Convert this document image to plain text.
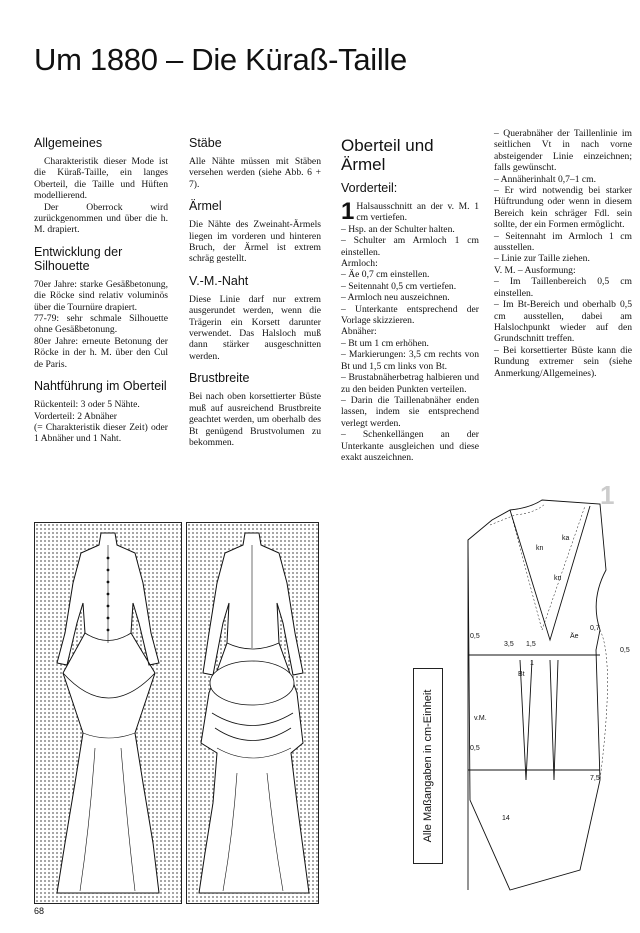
Um 1880 – Die Küraß-Taille
Allgemeines

Charakteristik dieser Mode ist die Küraß-Taille, ein langes Oberteil, die Taille und Hüften modellierend.

Der Oberrock wird zurückgenommen und über die h. M. drapiert.

Entwicklung der Silhouette

70er Jahre: starke Gesäßbetonung, die Röcke sind relativ voluminös über die Tournüre drapiert.

77-79: sehr schmale Silhouette ohne Gesäßbetonung.

80er Jahre: erneute Betonung der Röcke in der h. M. über den Cul de Paris.

Nahtführung im Oberteil

Rückenteil: 3 oder 5 Nähte.

Vorderteil: 2 Abnäher

(= Charakteristik dieser Zeit) oder 1 Abnäher und 1 Naht.

Stäbe

Alle Nähte müssen mit Stäben versehen werden (siehe Abb. 6 + 7).

Ärmel

Die Nähte des Zweinaht-Ärmels liegen im vorderen und hinteren Bruch, der Ärmel ist extrem schräg gestellt.

V.-M.-Naht

Diese Linie darf nur extrem ausgerundet werden, wenn die Trägerin ein Korsett darunter verwendet. Das Halsloch muß dann stärker ausgeschnitten werden.

Brustbreite

Bei nach oben korsettierter Büste muß auf ausreichend Brustbreite geachtet werden, um oberhalb des Bt genügend Brustvolumen zu bekommen.

Oberteil und Ärmel
Vorderteil:

1 Halsausschnitt an der v. M. 1 cm vertiefen.

– Hsp. an der Schulter halten.

– Schulter am Armloch 1 cm einstellen.

Armloch:

– Äe 0,7 cm einstellen.

– Seitennaht 0,5 cm vertiefen.

– Armloch neu auszeichnen.

– Unterkante entsprechend der Vorlage skizzieren.

Abnäher:

– Bt um 1 cm erhöhen.

– Markierungen: 3,5 cm rechts von Bt und 1,5 cm links von Bt.

– Brustabnäherbetrag halbieren und zu den beiden Punkten verteilen.

– Darin die Taillenabnäher enden lassen, indem sie entsprechend verlegt werden.

– Schenkellängen an der Unterkante ausgleichen und diese exakt auszeichnen.

– Querabnäher der Taillenlinie im seitlichen Vt in nach vorne absteigender Linie einzeichnen; falls gewünscht.

– Annäherinhalt 0,7–1 cm.

– Er wird notwendig bei starker Hüftrundung oder wenn in diesem Bereich kein schräger Fdl. sein sollte, der ein Formen ermöglicht.

– Seitennaht im Armloch 1 cm ausstellen.

– Linie zur Taille ziehen.

V. M. – Ausformung:

– Im Taillenbereich 0,5 cm einstellen.

– Im Bt-Bereich und oberhalb 0,5 cm ausstellen, dabei am Halslochpunkt wieder auf den Grundschnitt treffen.

– Bei korsettierter Büste kann die Rundung extremer sein (siehe Anmerkung/Allgemeines).

Alle Maßangaben in cm-Einheit
1
0,5
3,5 1,5
Äe
0,7
0,5
1
Bt
0,5
7,5
v.M.
kn
kn
ka
14
68
